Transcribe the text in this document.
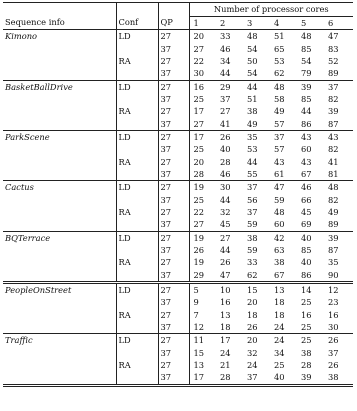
			Number of processor cores					
Sequence info	Conf	QP	1	2	3	4	5	6
Kimono	LD	27	20	33	48	51	48	47
		37	27	46	54	65	85	83
	RA	27	22	34	50	53	54	52
		37	30	44	54	62	79	89
BasketBallDrive	LD	27	16	29	44	48	39	37
		37	25	37	51	58	85	82
	RA	27	17	27	38	49	44	39
		37	27	41	49	57	86	87
ParkScene	LD	27	17	26	35	37	43	43
		37	25	40	53	57	60	82
	RA	27	20	28	44	43	43	41
		37	28	46	55	61	67	81
Cactus	LD	27	19	30	37	47	46	48
		37	25	44	56	59	66	82
	RA	27	22	32	37	48	45	49
		37	27	45	59	60	69	89
BQTerrace	LD	27	19	27	38	42	40	39
		37	26	44	59	63	85	87
	RA	27	19	26	33	38	40	35
		37	29	47	62	67	86	90
PeopleOnStreet	LD	27	5	10	15	13	14	12
		37	9	16	20	18	25	23
	RA	27	7	13	18	18	16	16
		37	12	18	26	24	25	30
Traffic	LD	27	11	17	20	24	25	26
		37	15	24	32	34	38	37
	RA	27	13	21	24	25	28	26
		37	17	28	37	40	39	38
